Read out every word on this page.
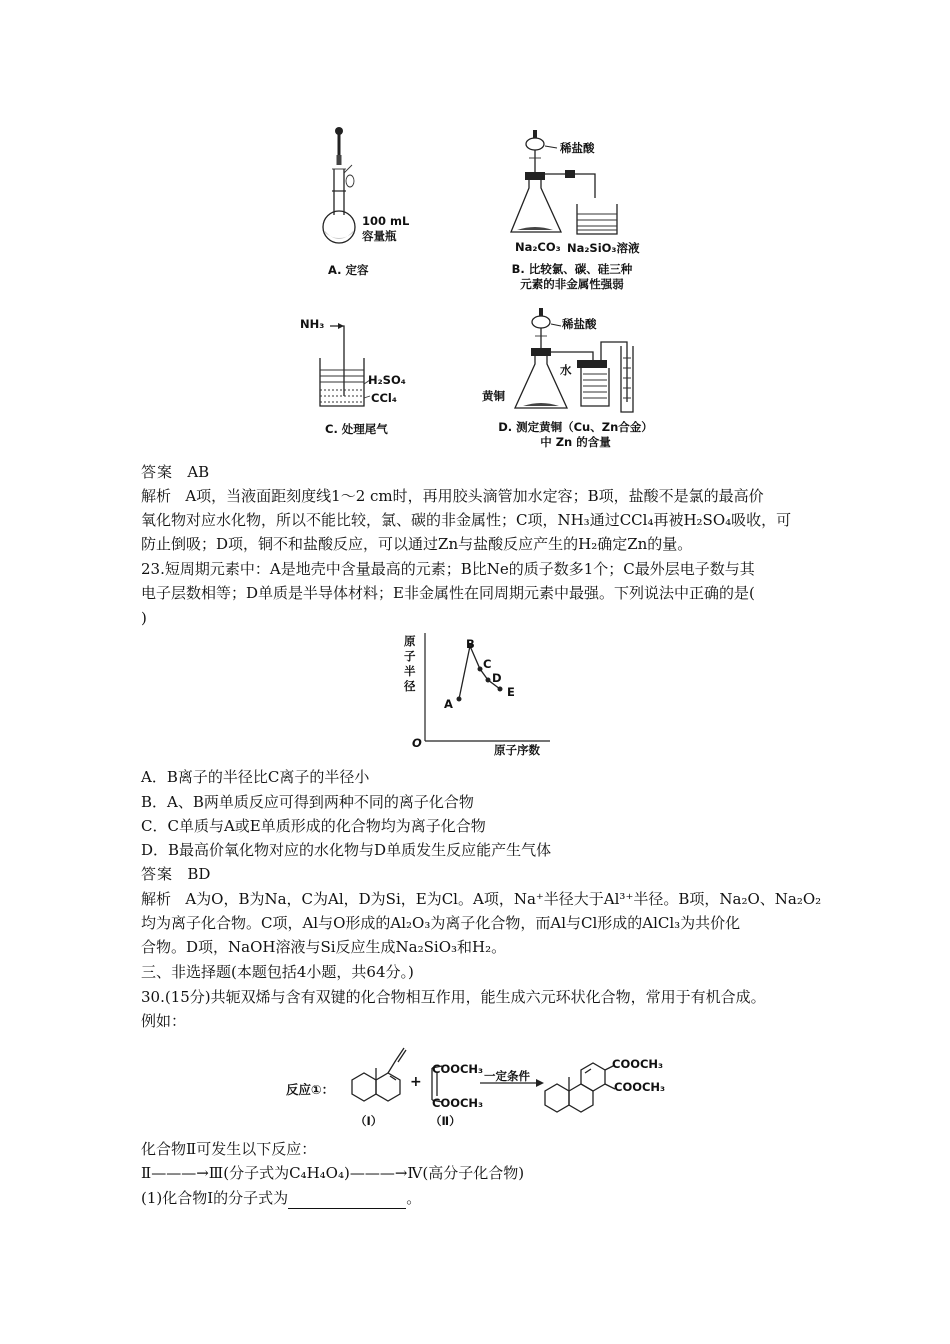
100 mL
容量瓶
A. 定容
稀盐酸
Na₂CO₃ Na₂SiO₃溶液
B. 比较氯、碳、硅三种
元素的非金属性强弱
NH₃
H₂SO₄
CCl₄
C. 处理尾气
稀盐酸
水
黄铜
D. 测定黄铜（Cu、Zn合金）
中 Zn 的含量
答案 AB
解析 A项，当液面距刻度线1～2 cm时，再用胶头滴管加水定容；B项，盐酸不是氯的最高价
氧化物对应水化物，所以不能比较，氯、碳的非金属性；C项，NH₃通过CCl₄再被H₂SO₄吸收，可
防止倒吸；D项，铜不和盐酸反应，可以通过Zn与盐酸反应产生的H₂确定Zn的量。
23.短周期元素中：A是地壳中含量最高的元素；B比Ne的质子数多1个；C最外层电子数与其
电子层数相等；D单质是半导体材料；E非金属性在同周期元素中最强。下列说法中正确的是(
)
原
子
半
径
O	原子序数
A
B
C
D
E
A．B离子的半径比C离子的半径小
B．A、B两单质反应可得到两种不同的离子化合物
C．C单质与A或E单质形成的化合物均为离子化合物
D．B最高价氧化物对应的水化物与D单质发生反应能产生气体
答案 BD
解析 A为O，B为Na，C为Al，D为Si，E为Cl。A项，Na⁺半径大于Al³⁺半径。B项，Na₂O、Na₂O₂
均为离子化合物。C项，Al与O形成的Al₂O₃为离子化合物，而Al与Cl形成的AlCl₃为共价化
合物。D项，NaOH溶液与Si反应生成Na₂SiO₃和H₂。
三、非选择题(本题包括4小题，共64分。)
30.(15分)共轭双烯与含有双键的化合物相互作用，能生成六元环状化合物，常用于有机合成。
例如：
反应①：
（Ⅰ）
+
COOCH₃
COOCH₃
（Ⅱ）
一定条件
COOCH₃
COOCH₃
化合物Ⅱ可发生以下反应：
Ⅱ———→Ⅲ(分子式为C₄H₄O₄)———→Ⅳ(高分子化合物)
(1)化合物Ⅰ的分子式为	。
